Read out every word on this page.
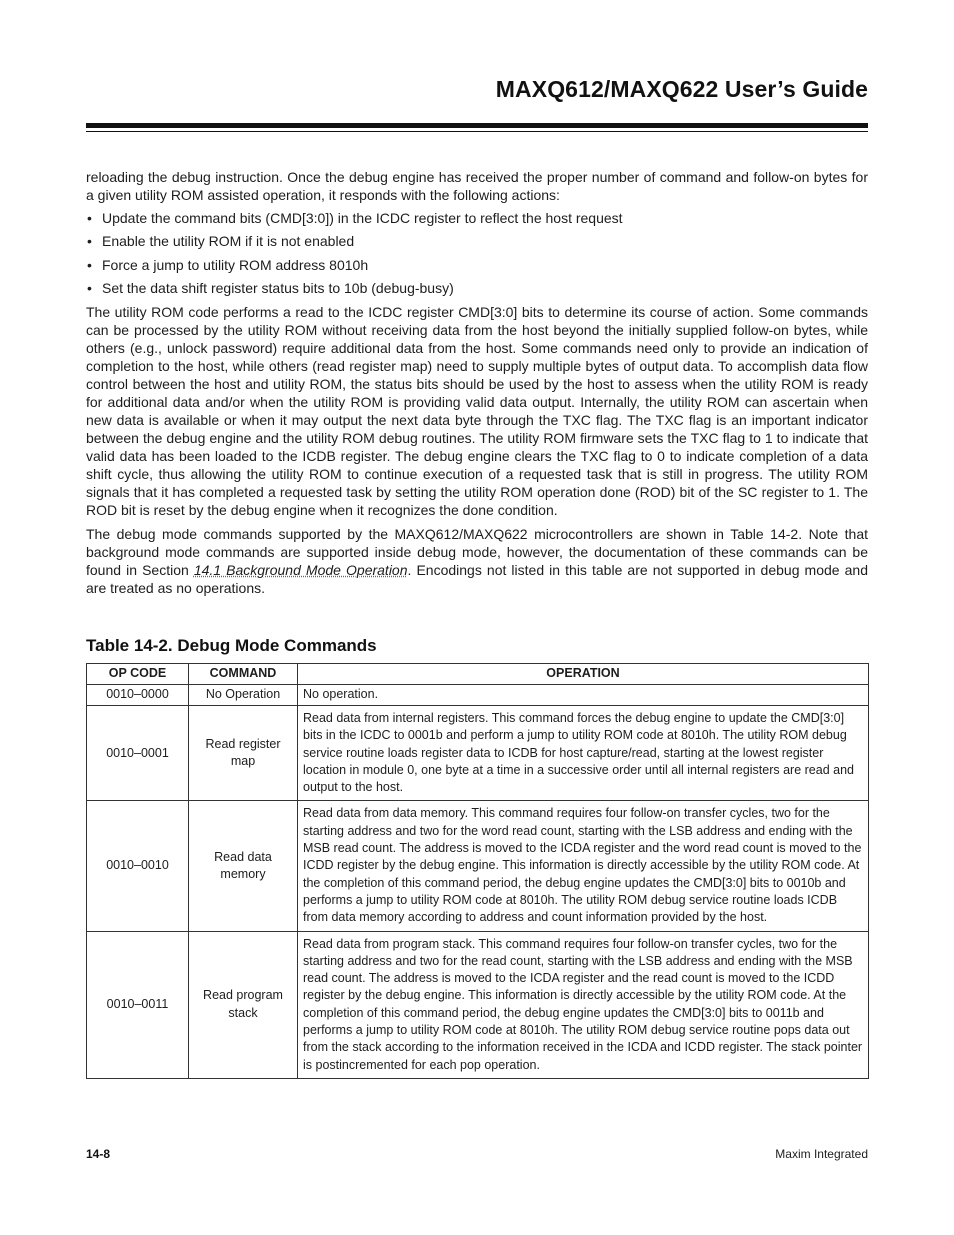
MAXQ612/MAXQ622 User’s Guide

reloading the debug instruction. Once the debug engine has received the proper number of command and follow-on bytes for a given utility ROM assisted operation, it responds with the following actions:

• Update the command bits (CMD[3:0]) in the ICDC register to reflect the host request
• Enable the utility ROM if it is not enabled
• Force a jump to utility ROM address 8010h
• Set the data shift register status bits to 10b (debug-busy)

The utility ROM code performs a read to the ICDC register CMD[3:0] bits to determine its course of action. Some commands can be processed by the utility ROM without receiving data from the host beyond the initially supplied follow-on bytes, while others (e.g., unlock password) require additional data from the host. Some commands need only to provide an indication of completion to the host, while others (read register map) need to supply multiple bytes of output data. To accomplish data flow control between the host and utility ROM, the status bits should be used by the host to assess when the utility ROM is ready for additional data and/or when the utility ROM is providing valid data output. Internally, the utility ROM can ascertain when new data is available or when it may output the next data byte through the TXC flag. The TXC flag is an important indicator between the debug engine and the utility ROM debug routines. The utility ROM firmware sets the TXC flag to 1 to indicate that valid data has been loaded to the ICDB register. The debug engine clears the TXC flag to 0 to indicate completion of a data shift cycle, thus allowing the utility ROM to continue execution of a requested task that is still in progress. The utility ROM signals that it has completed a requested task by setting the utility ROM operation done (ROD) bit of the SC register to 1. The ROD bit is reset by the debug engine when it recognizes the done condition.

The debug mode commands supported by the MAXQ612/MAXQ622 microcontrollers are shown in Table 14-2. Note that background mode commands are supported inside debug mode, however, the documentation of these commands can be found in Section 14.1 Background Mode Operation. Encodings not listed in this table are not supported in debug mode and are treated as no operations.

Table 14-2. Debug Mode Commands
OP CODE	COMMAND	OPERATION
0010–0000	No Operation	No operation.
0010–0001	Read register map	Read data from internal registers. This command forces the debug engine to update the CMD[3:0] bits in the ICDC to 0001b and perform a jump to utility ROM code at 8010h. The utility ROM debug service routine loads register data to ICDB for host capture/read, starting at the lowest register location in module 0, one byte at a time in a successive order until all internal registers are read and output to the host.
0010–0010	Read data memory	Read data from data memory. This command requires four follow-on transfer cycles, two for the starting address and two for the word read count, starting with the LSB address and ending with the MSB read count. The address is moved to the ICDA register and the word read count is moved to the ICDD register by the debug engine. This information is directly accessible by the utility ROM code. At the completion of this command period, the debug engine updates the CMD[3:0] bits to 0010b and performs a jump to utility ROM code at 8010h. The utility ROM debug service routine loads ICDB from data memory according to address and count information provided by the host.
0010–0011	Read program stack	Read data from program stack. This command requires four follow-on transfer cycles, two for the starting address and two for the read count, starting with the LSB address and ending with the MSB read count. The address is moved to the ICDA register and the read count is moved to the ICDD register by the debug engine. This information is directly accessible by the utility ROM code. At the completion of this command period, the debug engine updates the CMD[3:0] bits to 0011b and performs a jump to utility ROM code at 8010h. The utility ROM debug service routine pops data out from the stack according to the information received in the ICDA and ICDD register. The stack pointer is postincremented for each pop operation.
14-8	Maxim Integrated
